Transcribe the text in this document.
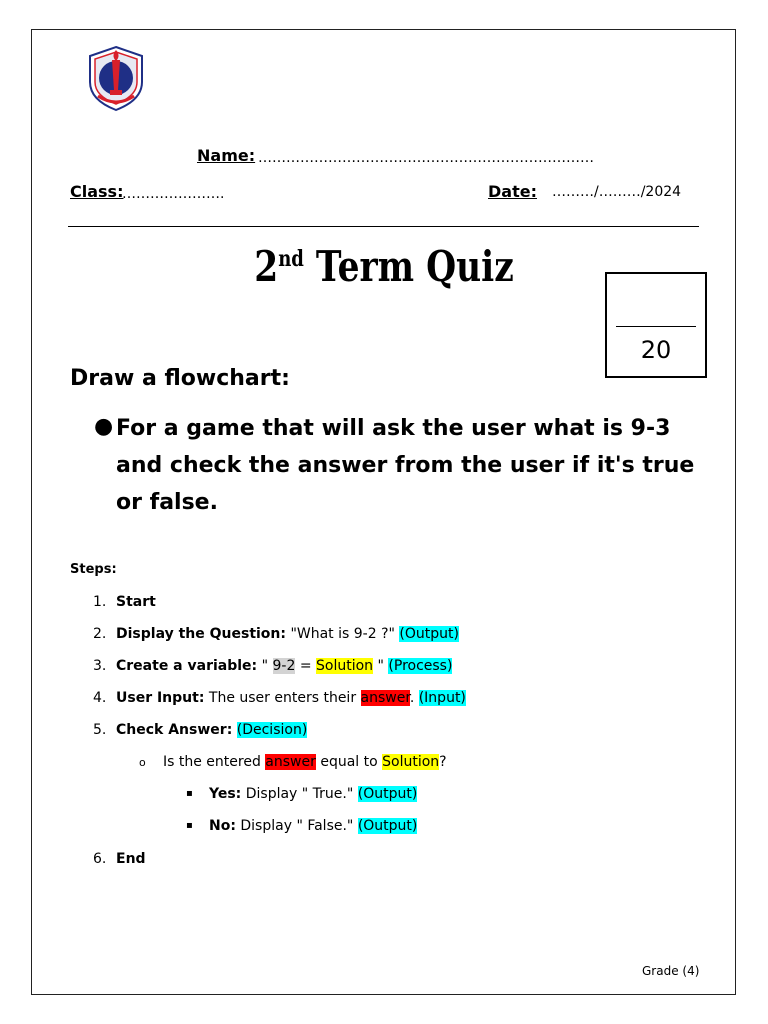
Name: ………………………………………………………………
Class:
………………….	Date: ………/………/2024
2nd Term Quiz
20
Draw a flowchart:
● For a game that will ask the user what is 9-3 and check the answer from the user if it's true or false.
Steps:
1. Start
2. Display the Question: "What is 9-2 ?" (Output)
3. Create a variable: " 9-2 = Solution " (Process)
4. User Input: The user enters their answer. (Input)
5. Check Answer: (Decision)
o Is the entered answer equal to Solution?
▪ Yes: Display " True." (Output)
▪ No: Display " False." (Output)
6. End
Grade (4)
